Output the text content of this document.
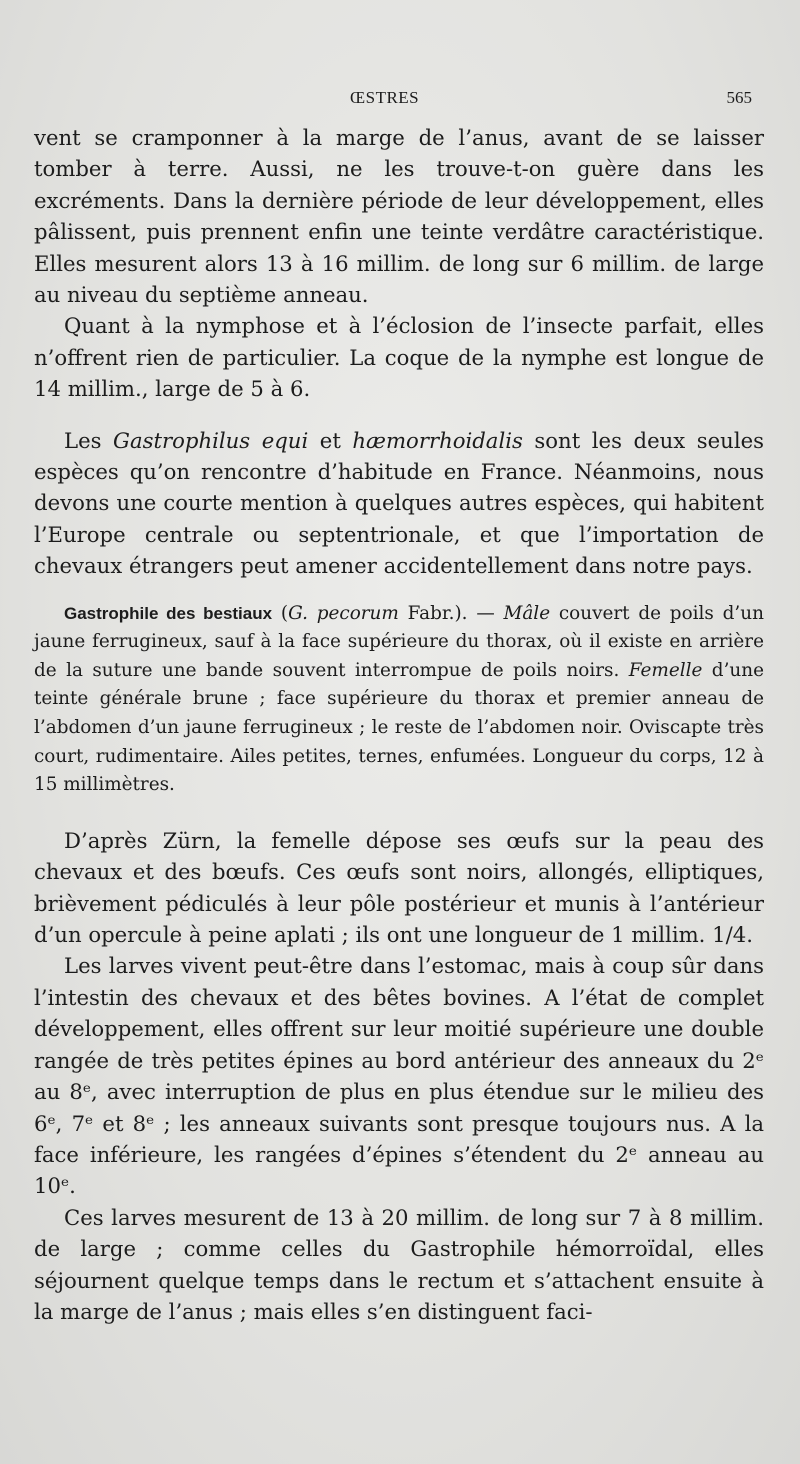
ŒSTRES	565

vent se cramponner à la marge de l’anus, avant de se laisser tomber à terre. Aussi, ne les trouve-t-on guère dans les excréments. Dans la dernière période de leur développement, elles pâlissent, puis prennent enfin une teinte verdâtre caractéristique. Elles mesurent alors 13 à 16 millim. de long sur 6 millim. de large au niveau du septième anneau.

Quant à la nymphose et à l’éclosion de l’insecte parfait, elles n’offrent rien de particulier. La coque de la nymphe est longue de 14 millim., large de 5 à 6.

Les Gastrophilus equi et hæmorrhoidalis sont les deux seules espèces qu’on rencontre d’habitude en France. Néanmoins, nous devons une courte mention à quelques autres espèces, qui habitent l’Europe centrale ou septentrionale, et que l’importation de chevaux étrangers peut amener accidentellement dans notre pays.

Gastrophile des bestiaux (G. pecorum Fabr.). — Mâle couvert de poils d’un jaune ferrugineux, sauf à la face supérieure du thorax, où il existe en arrière de la suture une bande souvent interrompue de poils noirs. Femelle d’une teinte générale brune ; face supérieure du thorax et premier anneau de l’abdomen d’un jaune ferrugineux ; le reste de l’abdomen noir. Oviscapte très court, rudimentaire. Ailes petites, ternes, enfumées. Longueur du corps, 12 à 15 millimètres.

D’après Zürn, la femelle dépose ses œufs sur la peau des chevaux et des bœufs. Ces œufs sont noirs, allongés, elliptiques, brièvement pédiculés à leur pôle postérieur et munis à l’antérieur d’un opercule à peine aplati ; ils ont une longueur de 1 millim. 1/4.

Les larves vivent peut-être dans l’estomac, mais à coup sûr dans l’intestin des chevaux et des bêtes bovines. A l’état de complet développement, elles offrent sur leur moitié supérieure une double rangée de très petites épines au bord antérieur des anneaux du 2ᵉ au 8ᵉ, avec interruption de plus en plus étendue sur le milieu des 6ᵉ, 7ᵉ et 8ᵉ ; les anneaux suivants sont presque toujours nus. A la face inférieure, les rangées d’épines s’étendent du 2ᵉ anneau au 10ᵉ.

Ces larves mesurent de 13 à 20 millim. de long sur 7 à 8 millim. de large ; comme celles du Gastrophile hémorroïdal, elles séjournent quelque temps dans le rectum et s’attachent ensuite à la marge de l’anus ; mais elles s’en distinguent faci-
